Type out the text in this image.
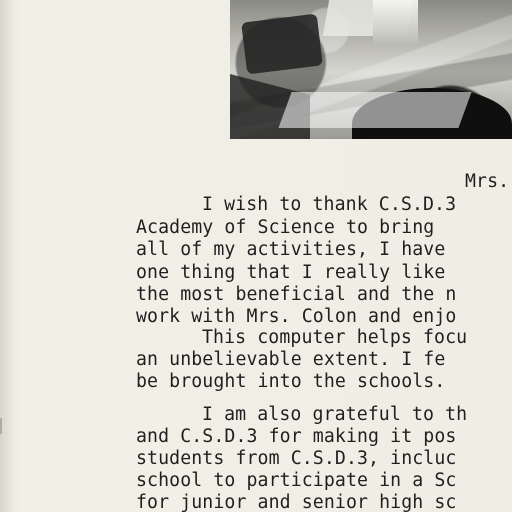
Mrs.
I wish to thank C.S.D.3
Academy of Science to bring
all of my activities, I have
one thing that I really like
the most beneficial and the n
work with Mrs. Colon and enjo
This computer helps focu
an unbelievable extent. I fe
be brought into the schools.
I am also grateful to th
and C.S.D.3 for making it pos
students from C.S.D.3, incluc
school to participate in a Sc
for junior and senior high sc
